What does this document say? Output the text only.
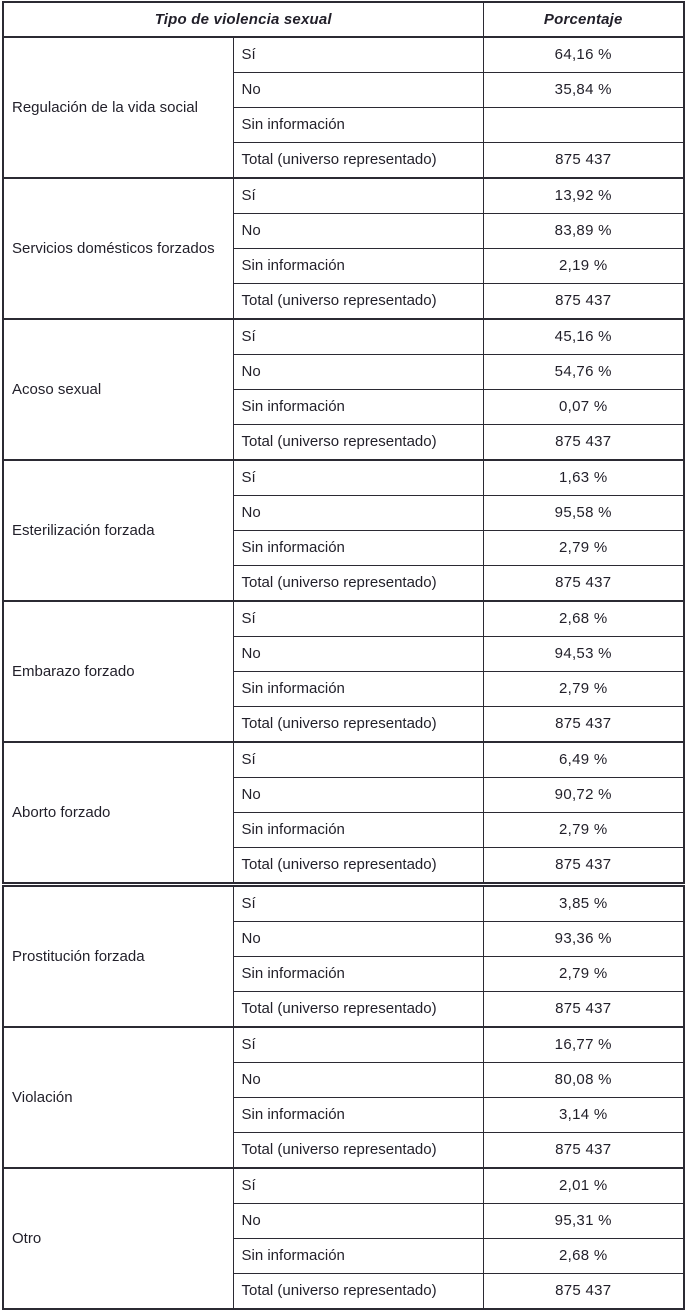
Tipo de violencia sexual		Porcentaje
Regulación de la vida social	Sí	64,16 %
	No	35,84 %
	Sin información	
	Total (universo representado)	875 437
Servicios domésticos forzados	Sí	13,92 %
	No	83,89 %
	Sin información	2,19 %
	Total (universo representado)	875 437
Acoso sexual	Sí	45,16 %
	No	54,76 %
	Sin información	0,07 %
	Total (universo representado)	875 437
Esterilización forzada	Sí	1,63 %
	No	95,58 %
	Sin información	2,79 %
	Total (universo representado)	875 437
Embarazo forzado	Sí	2,68 %
	No	94,53 %
	Sin información	2,79 %
	Total (universo representado)	875 437
Aborto forzado	Sí	6,49 %
	No	90,72 %
	Sin información	2,79 %
	Total (universo representado)	875 437
Prostitución forzada	Sí	3,85 %
	No	93,36 %
	Sin información	2,79 %
	Total (universo representado)	875 437
Violación	Sí	16,77 %
	No	80,08 %
	Sin información	3,14 %
	Total (universo representado)	875 437
Otro	Sí	2,01 %
	No	95,31 %
	Sin información	2,68 %
	Total (universo representado)	875 437
